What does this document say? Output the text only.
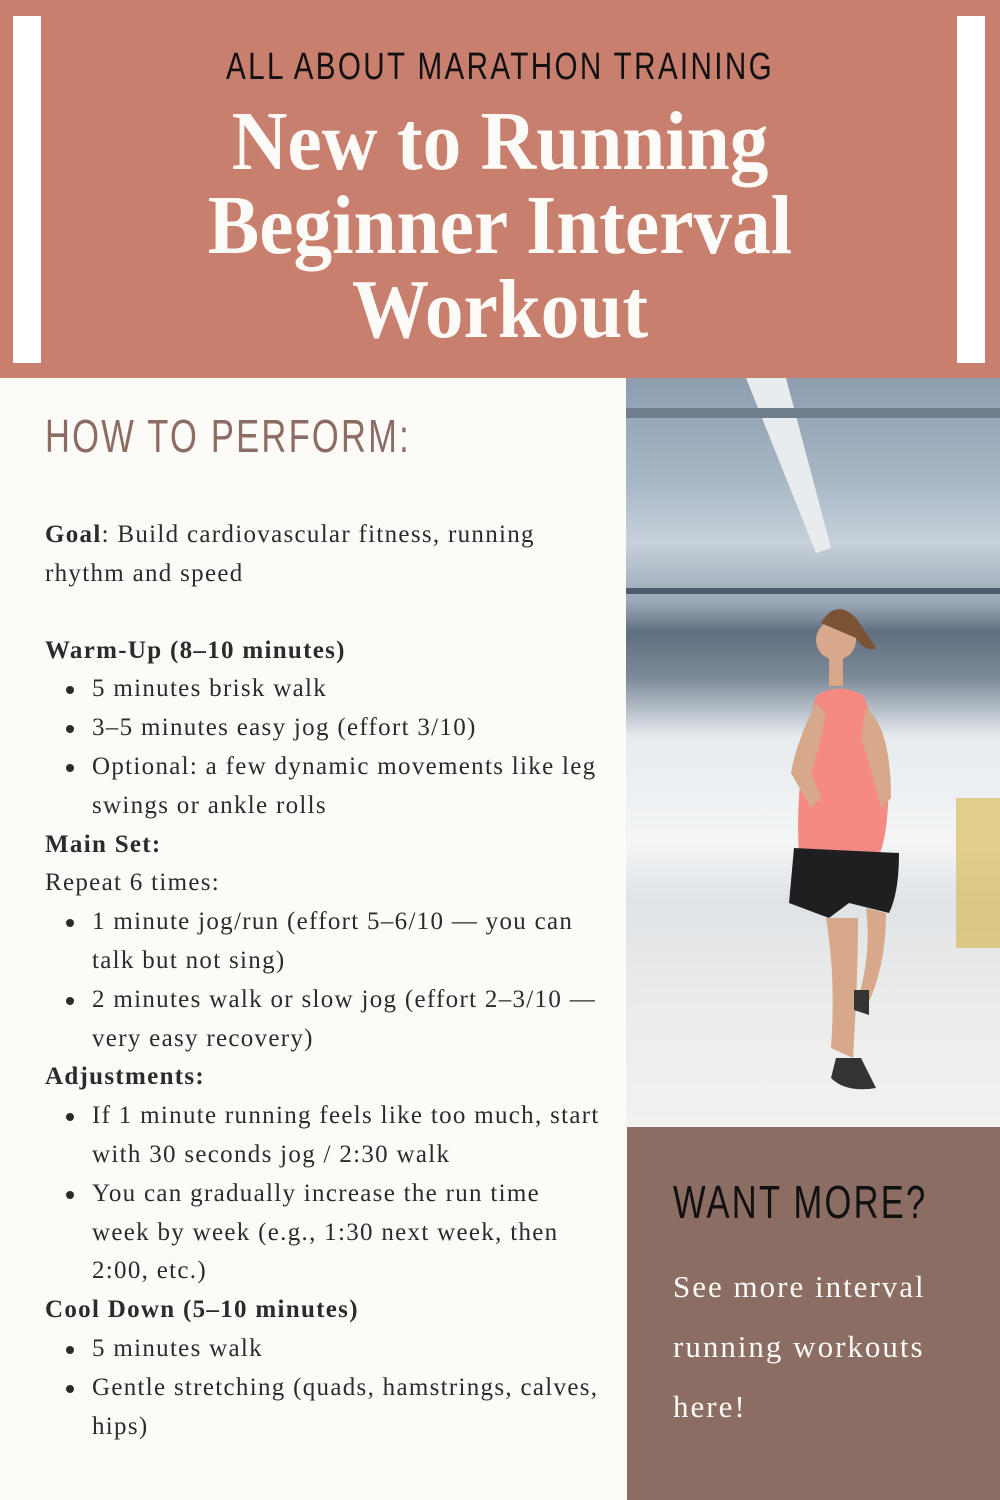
ALL ABOUT MARATHON TRAINING
New to Running
Beginner Interval
Workout
HOW TO PERFORM:

Goal: Build cardiovascular fitness, running rhythm and speed

Warm-Up (8–10 minutes)

5 minutes brisk walk
3–5 minutes easy jog (effort 3/10)
Optional: a few dynamic movements like leg swings or ankle rolls

Main Set:

Repeat 6 times:

1 minute jog/run (effort 5–6/10 — you can talk but not sing)
2 minutes walk or slow jog (effort 2–3/10 — very easy recovery)

Adjustments:

If 1 minute running feels like too much, start with 30 seconds jog / 2:30 walk
You can gradually increase the run time week by week (e.g., 1:30 next week, then 2:00, etc.)

Cool Down (5–10 minutes)

5 minutes walk
Gentle stretching (quads, hamstrings, calves, hips)
WANT MORE?
See more interval running workouts here!
